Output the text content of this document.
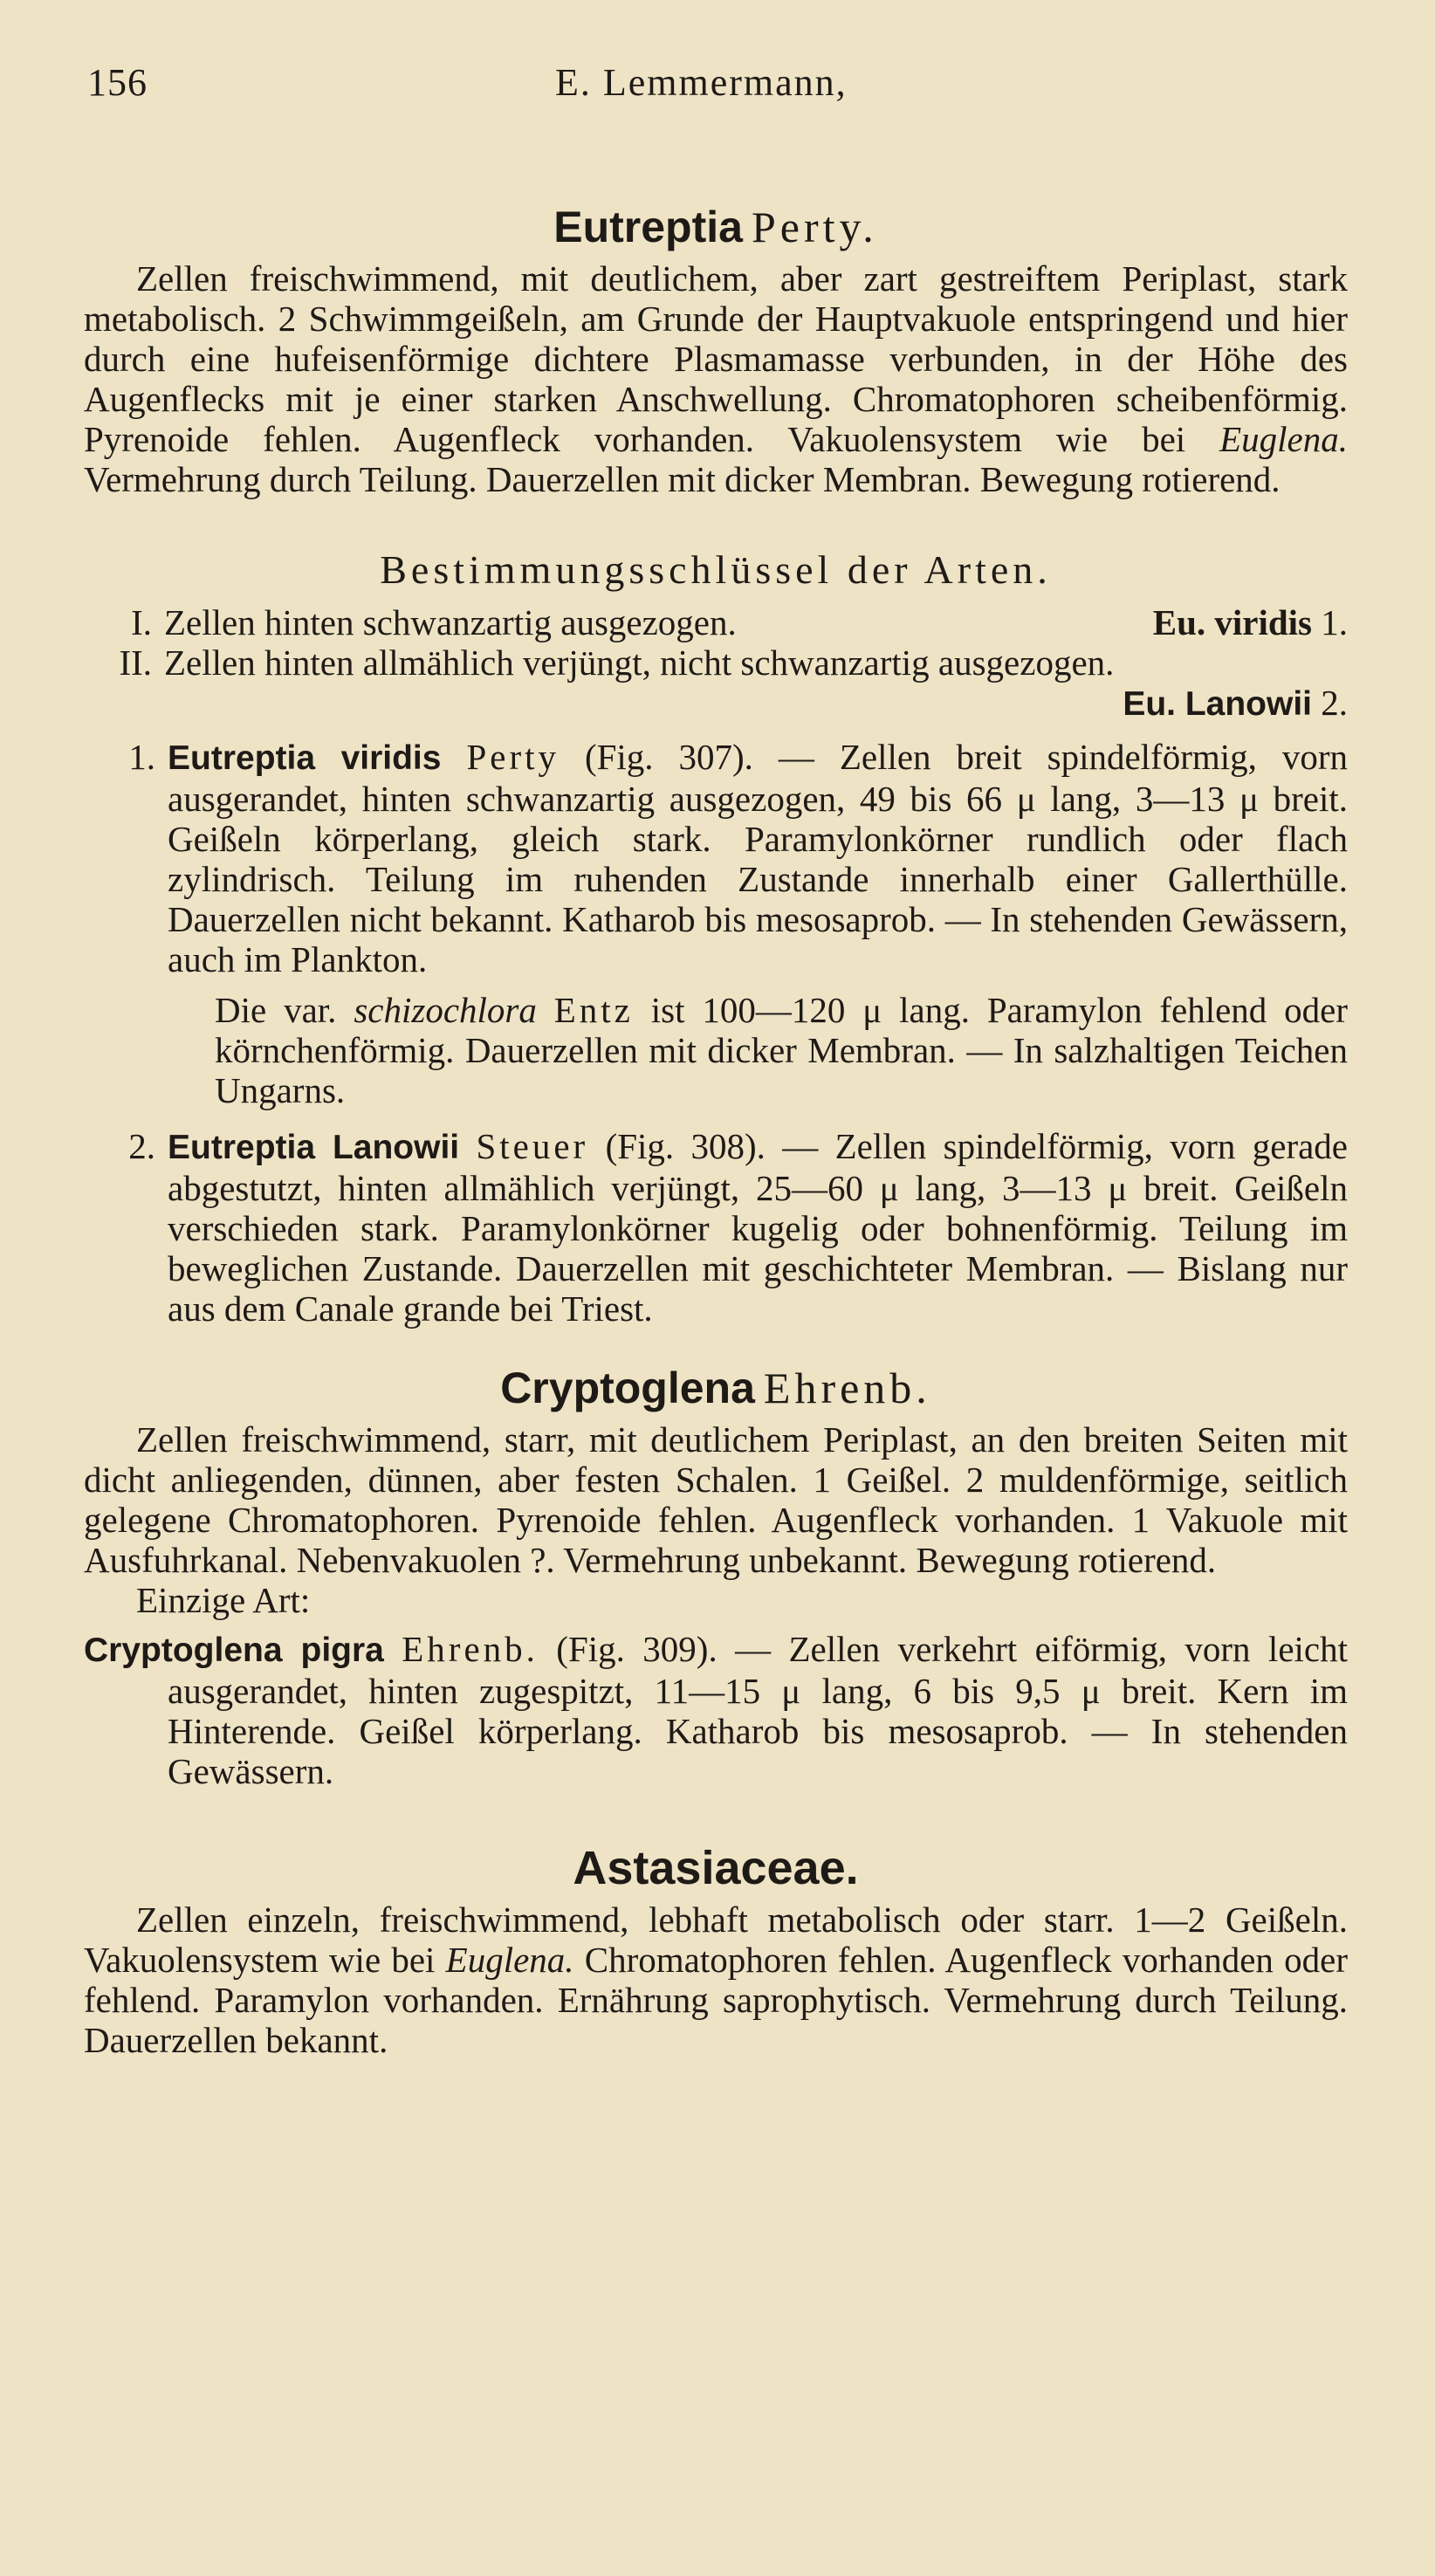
156	E. Lemmermann,
Eutreptia Perty.

Zellen freischwimmend, mit deutlichem, aber zart gestreiftem Periplast, stark metabolisch. 2 Schwimmgeißeln, am Grunde der Hauptvakuole entspringend und hier durch eine hufeisenförmige dichtere Plasmamasse verbunden, in der Höhe des Augenflecks mit je einer starken Anschwellung. Chromatophoren scheibenförmig. Pyrenoide fehlen. Augenfleck vorhanden. Vakuolensystem wie bei Euglena. Vermehrung durch Teilung. Dauerzellen mit dicker Membran. Bewegung rotierend.

Bestimmungsschlüssel der Arten.
I. Zellen hinten schwanzartig ausgezogen.	Eu. viridis 1.
II. Zellen hinten allmählich verjüngt, nicht schwanzartig ausgezogen.
Eu. Lanowii 2.
1. Eutreptia viridis Perty (Fig. 307). — Zellen breit spindelförmig, vorn ausgerandet, hinten schwanzartig ausgezogen, 49 bis 66 μ lang, 3—13 μ breit. Geißeln körperlang, gleich stark. Paramylonkörner rundlich oder flach zylindrisch. Teilung im ruhenden Zustande innerhalb einer Gallerthülle. Dauerzellen nicht bekannt. Katharob bis mesosaprob. — In stehenden Gewässern, auch im Plankton.

Die var. schizochlora Entz ist 100—120 μ lang. Paramylon fehlend oder körnchenförmig. Dauerzellen mit dicker Membran. — In salzhaltigen Teichen Ungarns.

2. Eutreptia Lanowii Steuer (Fig. 308). — Zellen spindelförmig, vorn gerade abgestutzt, hinten allmählich verjüngt, 25—60 μ lang, 3—13 μ breit. Geißeln verschieden stark. Paramylonkörner kugelig oder bohnenförmig. Teilung im beweglichen Zustande. Dauerzellen mit geschichteter Membran. — Bislang nur aus dem Canale grande bei Triest.
Cryptoglena Ehrenb.

Zellen freischwimmend, starr, mit deutlichem Periplast, an den breiten Seiten mit dicht anliegenden, dünnen, aber festen Schalen. 1 Geißel. 2 muldenförmige, seitlich gelegene Chromatophoren. Pyrenoide fehlen. Augenfleck vorhanden. 1 Vakuole mit Ausfuhrkanal. Nebenvakuolen ?. Vermehrung unbekannt. Bewegung rotierend.

Einzige Art:

Cryptoglena pigra Ehrenb. (Fig. 309). — Zellen verkehrt eiförmig, vorn leicht ausgerandet, hinten zugespitzt, 11—15 μ lang, 6 bis 9,5 μ breit. Kern im Hinterende. Geißel körperlang. Katharob bis mesosaprob. — In stehenden Gewässern.

Astasiaceae.

Zellen einzeln, freischwimmend, lebhaft metabolisch oder starr. 1—2 Geißeln. Vakuolensystem wie bei Euglena. Chromatophoren fehlen. Augenfleck vorhanden oder fehlend. Paramylon vorhanden. Ernährung saprophytisch. Vermehrung durch Teilung. Dauerzellen bekannt.
